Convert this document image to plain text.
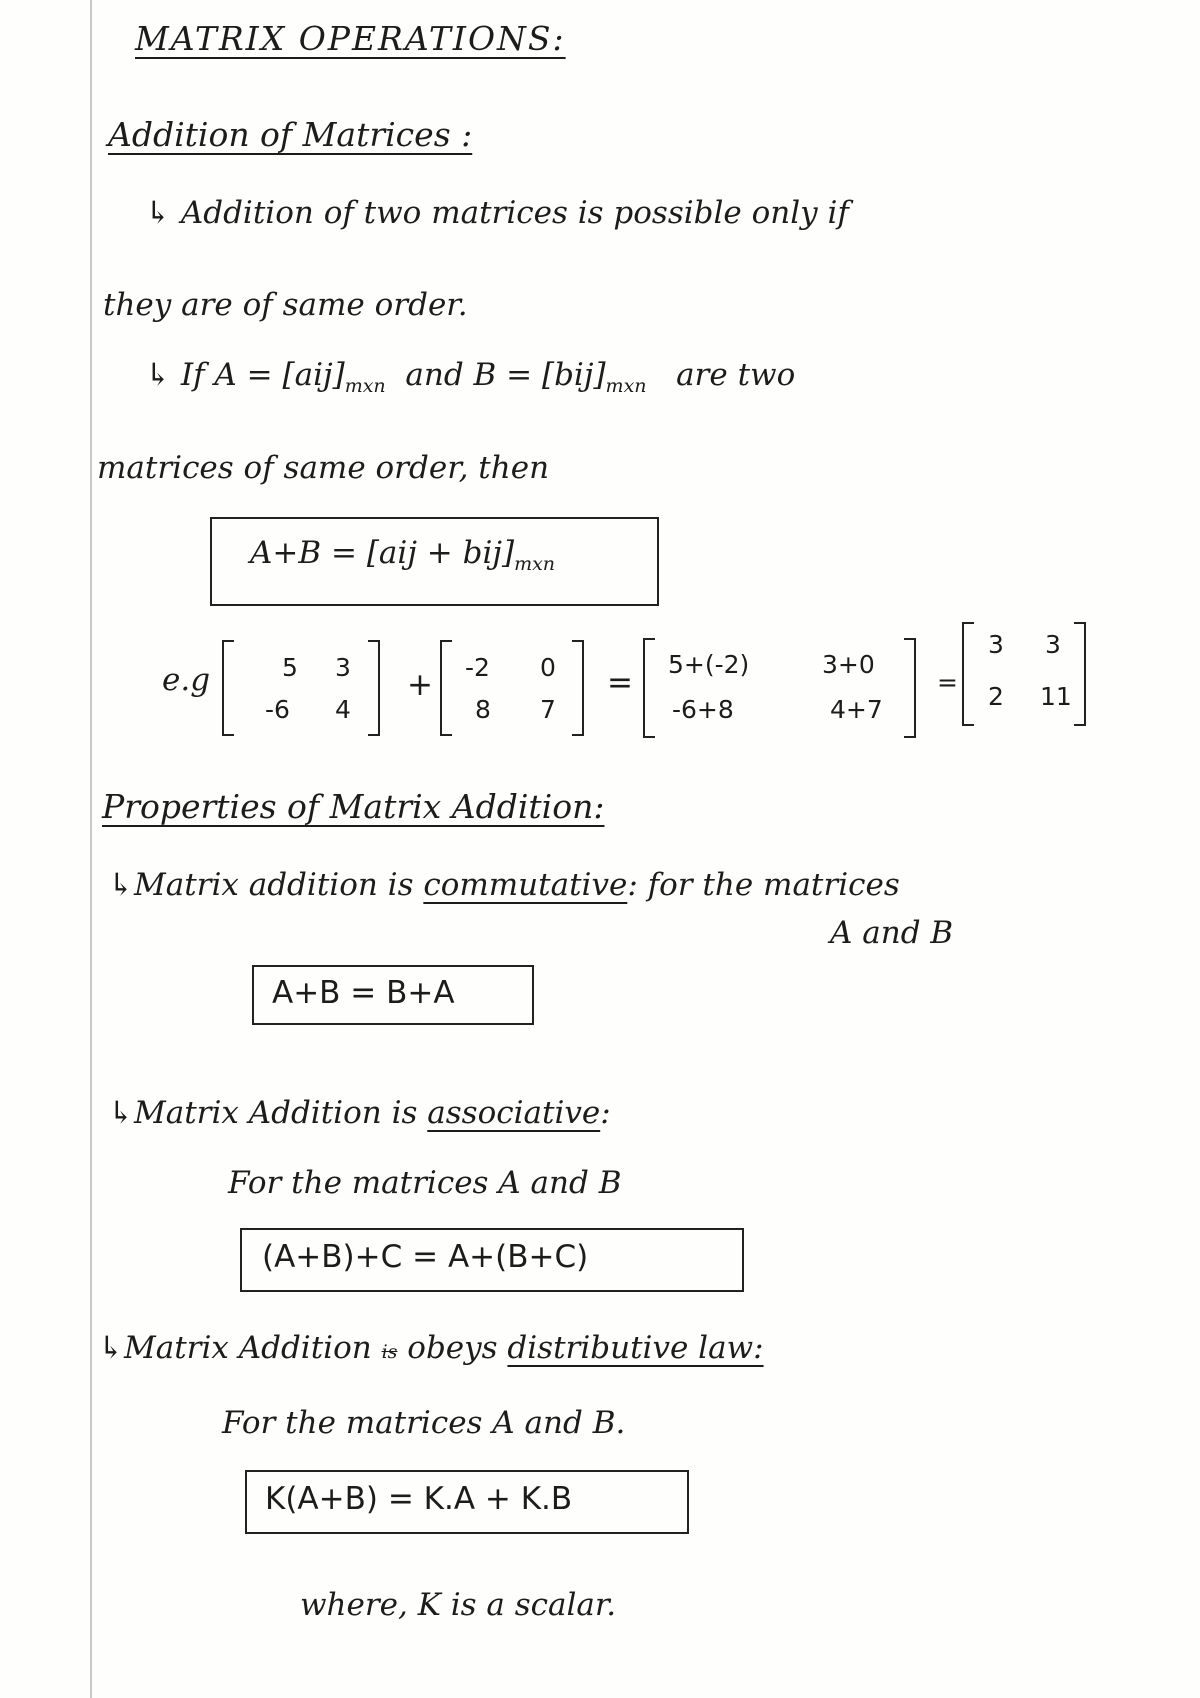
MATRIX OPERATIONS:
Addition of Matrices :
↳ Addition of two matrices is possible only if
they are of same order.
↳ If $A = [aij]_{mxn}$ and $B = [bij]_{mxn}$ are two
matrices of same order, then
$A+B = [aij + bij]_{mxn}$
e.g	5 3
-6 4
+ -2 0
8 7
=
5+(-2)	3+0
-6+8	4+7
=
3 3
2 11
Properties of Matrix Addition:
↳Matrix addition is commutative: for the matrices
A and B
A+B = B+A
↳Matrix Addition is associative:
For the matrices A and B
(A+B)+C = A+(B+C)
↳Matrix Addition is obeys distributive law:
For the matrices A and B.
K(A+B) = K.A + K.B
where, K is a scalar.
